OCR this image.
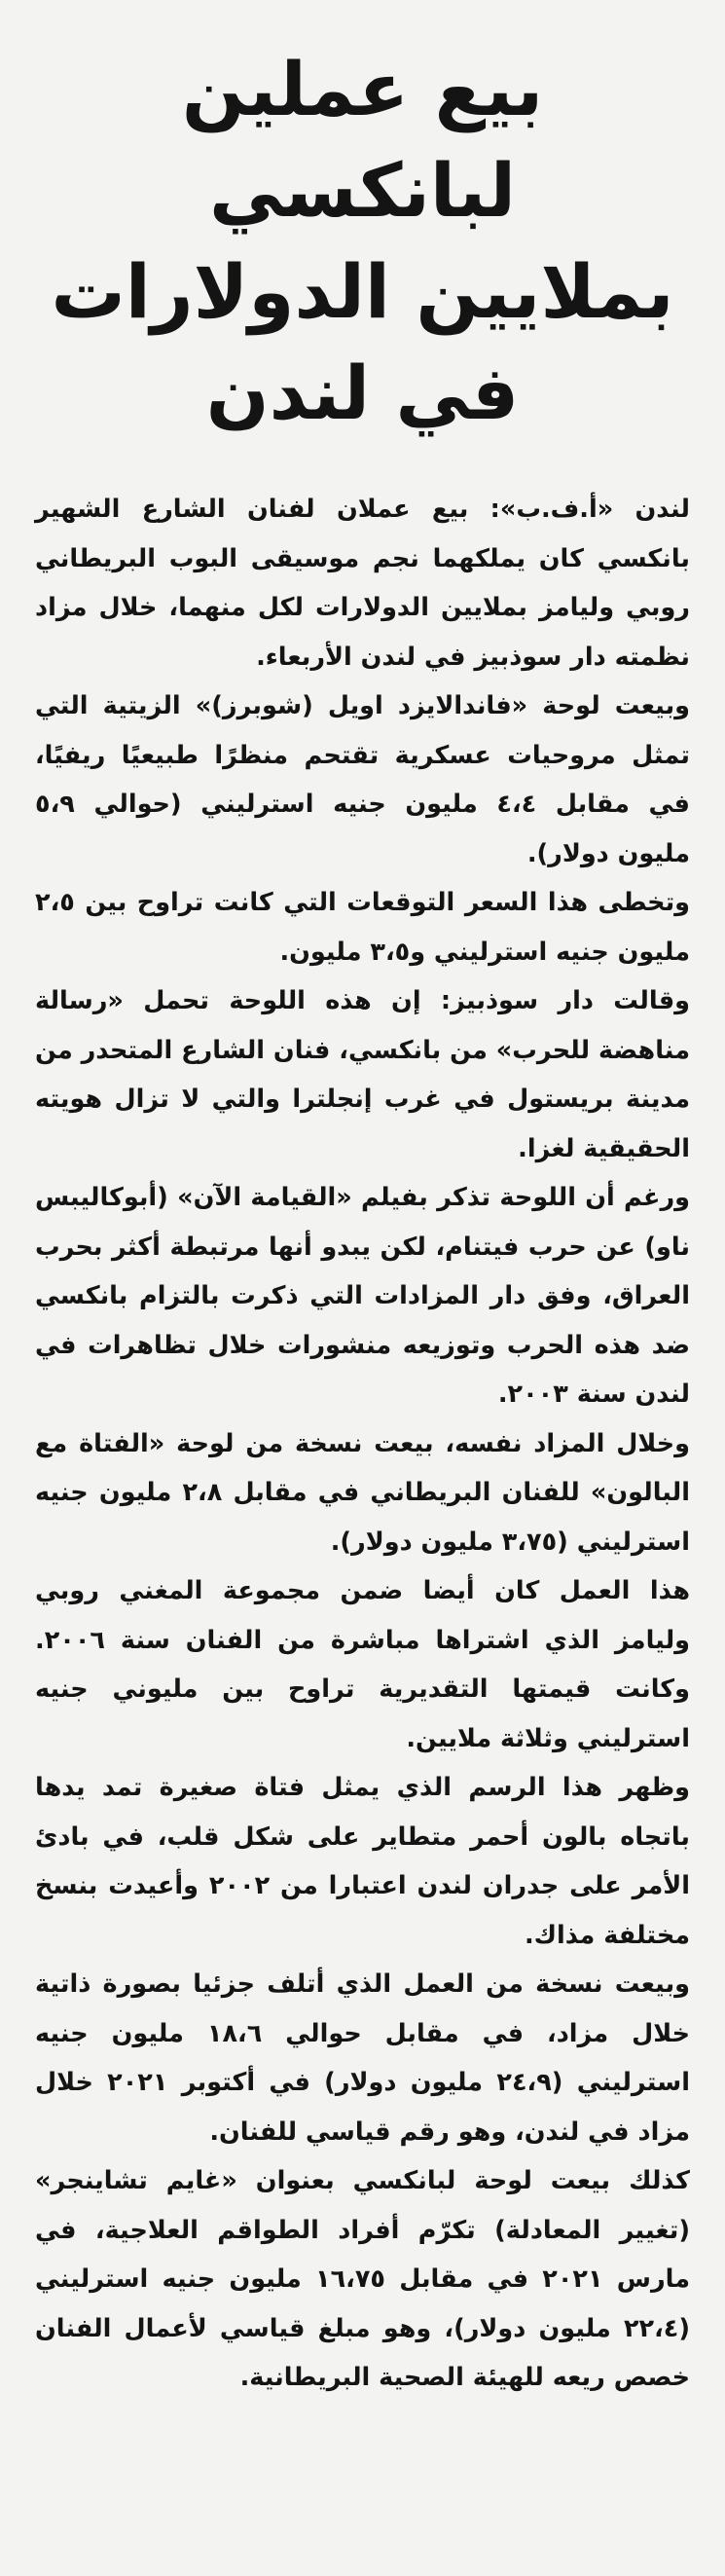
بيع عملين لبانكسي
بملايين الدولارات
في لندن

لندن «أ.ف.ب»: بيع عملان لفنان الشارع الشهير بانكسي كان يملكهما نجم موسيقى البوب البريطاني روبي وليامز بملايين الدولارات لكل منهما، خلال مزاد نظمته دار سوذبيز في لندن الأربعاء.

وبيعت لوحة «فاندالايزد اويل (شوبرز)» الزيتية التي تمثل مروحيات عسكرية تقتحم منظرًا طبيعيًا ريفيًا، في مقابل ٤،٤ مليون جنيه استرليني (حوالي ٥،٩ مليون دولار).

وتخطى هذا السعر التوقعات التي كانت تراوح بين ٢،٥ مليون جنيه استرليني و٣،٥ مليون.

وقالت دار سوذبيز: إن هذه اللوحة تحمل «رسالة مناهضة للحرب» من بانكسي، فنان الشارع المتحدر من مدينة بريستول في غرب إنجلترا والتي لا تزال هويته الحقيقية لغزا.

ورغم أن اللوحة تذكر بفيلم «القيامة الآن» (أبوكاليبس ناو) عن حرب فيتنام، لكن يبدو أنها مرتبطة أكثر بحرب العراق، وفق دار المزادات التي ذكرت بالتزام بانكسي ضد هذه الحرب وتوزيعه منشورات خلال تظاهرات في لندن سنة ٢٠٠٣.

وخلال المزاد نفسه، بيعت نسخة من لوحة «الفتاة مع البالون» للفنان البريطاني في مقابل ٢،٨ مليون جنيه استرليني (٣،٧٥ مليون دولار).

هذا العمل كان أيضا ضمن مجموعة المغني روبي وليامز الذي اشتراها مباشرة من الفنان سنة ٢٠٠٦. وكانت قيمتها التقديرية تراوح بين مليوني جنيه استرليني وثلاثة ملايين.

وظهر هذا الرسم الذي يمثل فتاة صغيرة تمد يدها باتجاه بالون أحمر متطاير على شكل قلب، في بادئ الأمر على جدران لندن اعتبارا من ٢٠٠٢ وأعيدت بنسخ مختلفة مذاك.

وبيعت نسخة من العمل الذي أتلف جزئيا بصورة ذاتية خلال مزاد، في مقابل حوالي ١٨،٦ مليون جنيه استرليني (٢٤،٩ مليون دولار) في أكتوبر ٢٠٢١ خلال مزاد في لندن، وهو رقم قياسي للفنان.

كذلك بيعت لوحة لبانكسي بعنوان «غايم تشاينجر» (تغيير المعادلة) تكرّم أفراد الطواقم العلاجية، في مارس ٢٠٢١ في مقابل ١٦،٧٥ مليون جنيه استرليني (٢٢،٤ مليون دولار)، وهو مبلغ قياسي لأعمال الفنان خصص ريعه للهيئة الصحية البريطانية.
